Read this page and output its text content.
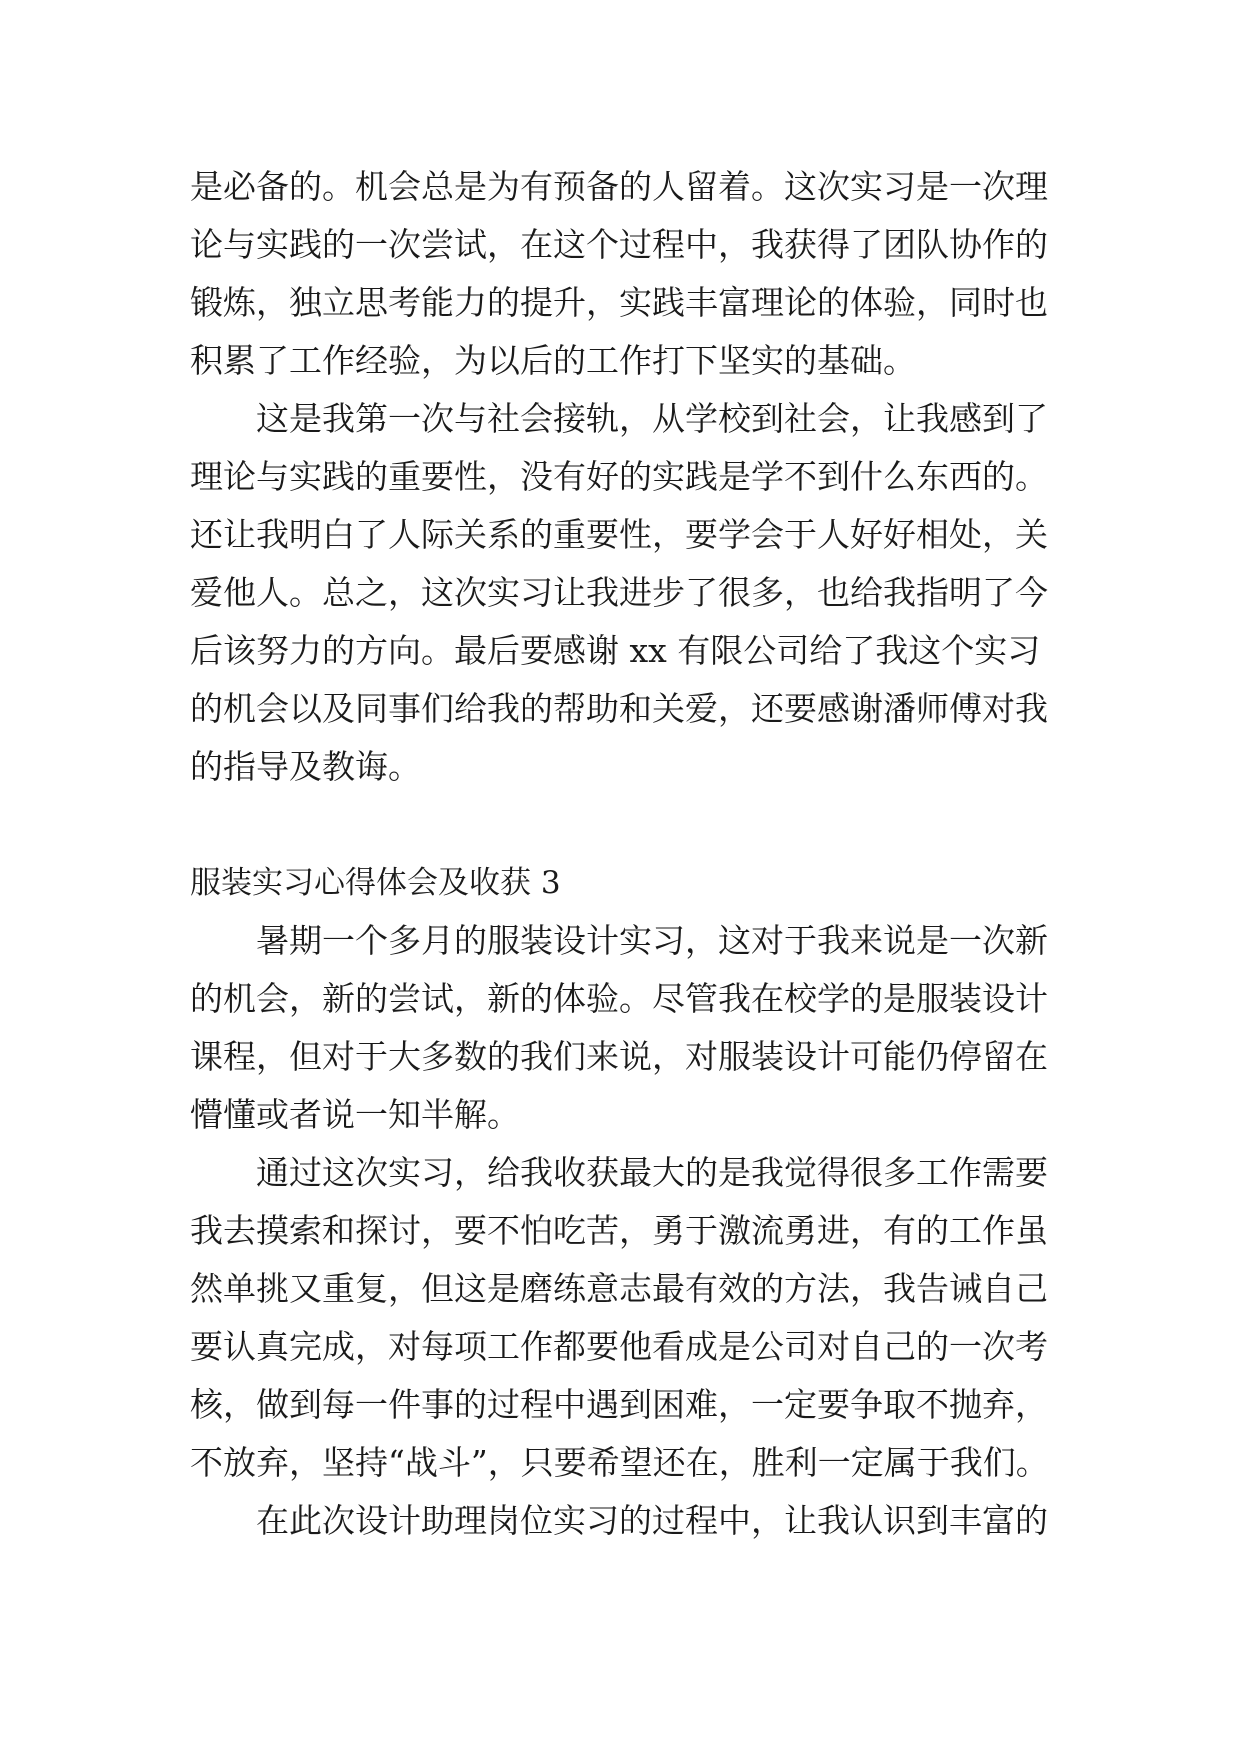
是必备的。机会总是为有预备的人留着。这次实习是一次理
论与实践的一次尝试，在这个过程中，我获得了团队协作的
锻炼，独立思考能力的提升，实践丰富理论的体验，同时也
积累了工作经验，为以后的工作打下坚实的基础。
这是我第一次与社会接轨，从学校到社会，让我感到了
理论与实践的重要性，没有好的实践是学不到什么东西的。
还让我明白了人际关系的重要性，要学会于人好好相处，关
爱他人。总之，这次实习让我进步了很多，也给我指明了今
后该努力的方向。最后要感谢 xx 有限公司给了我这个实习
的机会以及同事们给我的帮助和关爱，还要感谢潘师傅对我
的指导及教诲。
服装实习心得体会及收获 3
暑期一个多月的服装设计实习，这对于我来说是一次新
的机会，新的尝试，新的体验。尽管我在校学的是服装设计
课程，但对于大多数的我们来说，对服装设计可能仍停留在
懵懂或者说一知半解。
通过这次实习，给我收获最大的是我觉得很多工作需要
我去摸索和探讨，要不怕吃苦，勇于激流勇进，有的工作虽
然单挑又重复，但这是磨练意志最有效的方法，我告诫自己
要认真完成，对每项工作都要他看成是公司对自己的一次考
核，做到每一件事的过程中遇到困难，一定要争取不抛弃，
不放弃，坚持“战斗”，只要希望还在，胜利一定属于我们。
在此次设计助理岗位实习的过程中，让我认识到丰富的
